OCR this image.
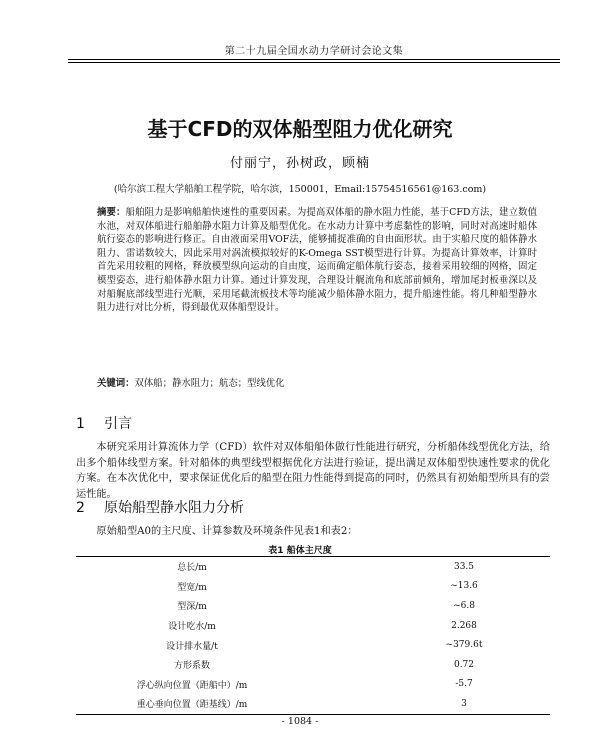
第二十九届全国水动力学研讨会论文集
基于CFD的双体船型阻力优化研究
付丽宁，孙树政，顾楠
(哈尔滨工程大学船舶工程学院，哈尔滨，150001，Email:15754516561@163.com)
摘要：船舶阻力是影响船舶快速性的重要因素。为提高双体船的静水阻力性能，基于CFD方法，建立数值水池，对双体船进行船舶静水阻力计算及船型优化。在水动力计算中考虑黏性的影响，同时对高速时船体航行姿态的影响进行修正。自由液面采用VOF法，能够捕捉准确的自由面形状。由于实船尺度的船体静水阻力、雷诺数较大，因此采用对涡流模拟较好的K-Omega SST模型进行计算。为提高计算效率，计算时首先采用较粗的网格，释放模型纵向运动的自由度，运而确定船体航行姿态，接着采用较细的网格，固定模型姿态，进行船体静水阻力计算。通过计算发现，合理设计艉流角和底部前倾角，增加尾封板垂深以及对船艉底部线型进行光顺，采用尾截流板技术等均能减少船体静水阻力，提升船速性能。将几种船型静水阻力进行对比分析，得到最优双体船型设计。
关键词：双体船；静水阻力；航态；型线优化
1 引言
本研究采用计算流体力学（CFD）软件对双体船船体做行性能进行研究，分析船体线型优化方法，给出多个船体线型方案。针对船体的典型线型根据优化方法进行验证，提出满足双体船型快速性要求的优化方案。在本次优化中，要求保证优化后的船型在阻力性能得到提高的同时，仍然具有初始船型所具有的尝运性能。
2 原始船型静水阻力分析
原始船型A0的主尺度、计算参数及环境条件见表1和表2：
表1 船体主尺度
总长/m	33.5
型宽/m	~13.6
型深/m	~6.8
设计吃水/m	2.268
设计排水量/t	~379.6t
方形系数	0.72
浮心纵向位置（距船中）/m	-5.7
重心垂向位置（距基线）/m	3
- 1084 -
